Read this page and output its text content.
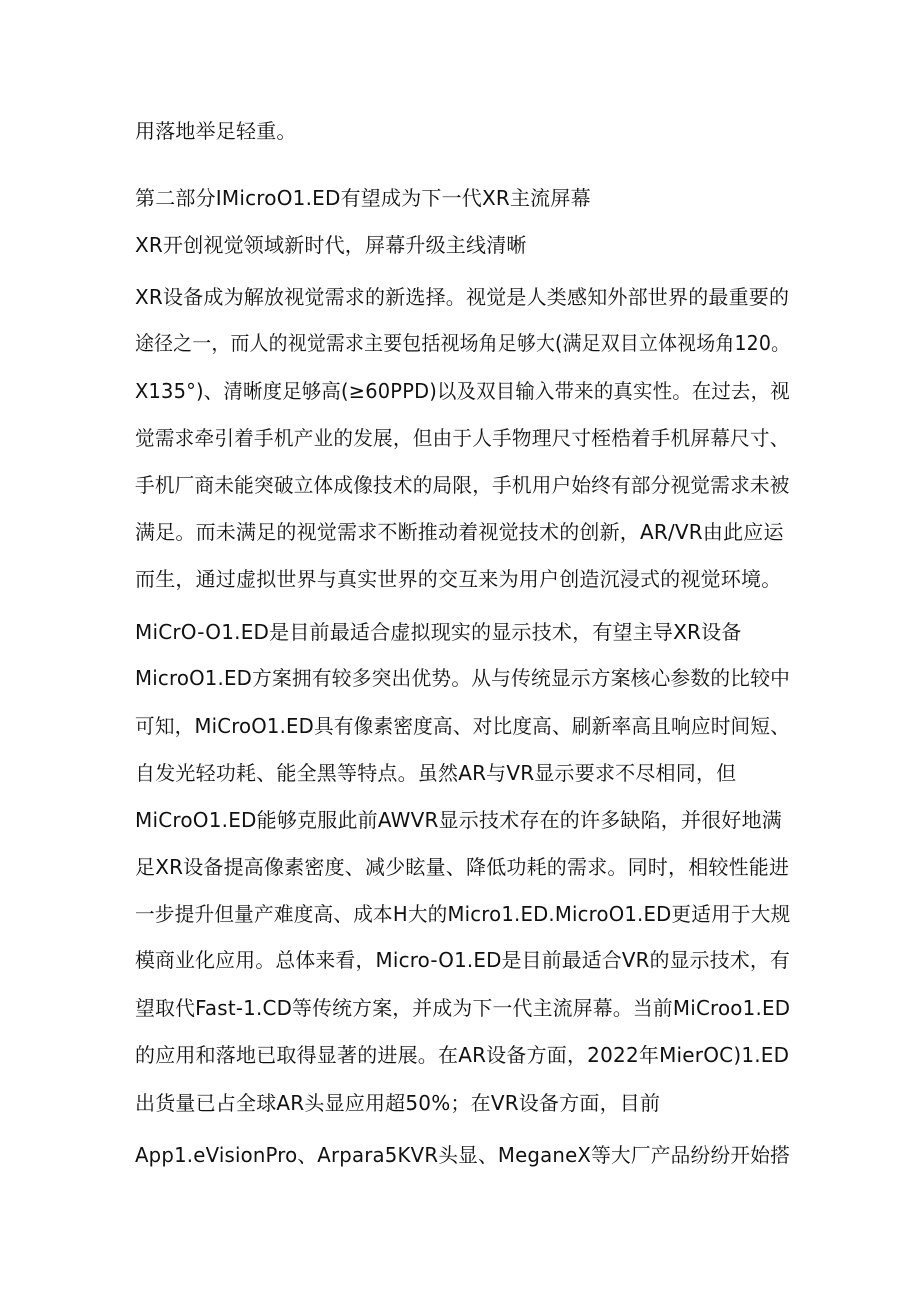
用落地举足轻重。
第二部分IMicroO1.ED有望成为下一代XR主流屏幕
XR开创视觉领域新时代，屏幕升级主线清晰
XR设备成为解放视觉需求的新选择。视觉是人类感知外部世界的最重要的
途径之一，而人的视觉需求主要包括视场角足够大(满足双目立体视场角120。
X135°)、清晰度足够高(≥60PPD)以及双目输入带来的真实性。在过去，视
觉需求牵引着手机产业的发展，但由于人手物理尺寸桎梏着手机屏幕尺寸、
手机厂商未能突破立体成像技术的局限，手机用户始终有部分视觉需求未被
满足。而未满足的视觉需求不断推动着视觉技术的创新，AR/VR由此应运
而生，通过虚拟世界与真实世界的交互来为用户创造沉浸式的视觉环境。
MiCrO-O1.ED是目前最适合虚拟现实的显示技术，有望主导XR设备
MicroO1.ED方案拥有较多突出优势。从与传统显示方案核心参数的比较中
可知，MiCroO1.ED具有像素密度高、对比度高、刷新率高且响应时间短、
自发光轻功耗、能全黑等特点。虽然AR与VR显示要求不尽相同，但
MiCroO1.ED能够克服此前AWVR显示技术存在的许多缺陷，并很好地满
足XR设备提高像素密度、减少眩量、降低功耗的需求。同时，相较性能进
一步提升但量产难度高、成本H大的Micro1.ED.MicroO1.ED更适用于大规
模商业化应用。总体来看，Micro-O1.ED是目前最适合VR的显示技术，有
望取代Fast-1.CD等传统方案，并成为下一代主流屏幕。当前MiCroo1.ED
的应用和落地已取得显著的进展。在AR设备方面，2022年MierOC)1.ED
出货量已占全球AR头显应用超50%；在VR设备方面，目前
App1.eVisionPro、Arpara5KVR头显、MeganeX等大厂产品纷纷开始搭
